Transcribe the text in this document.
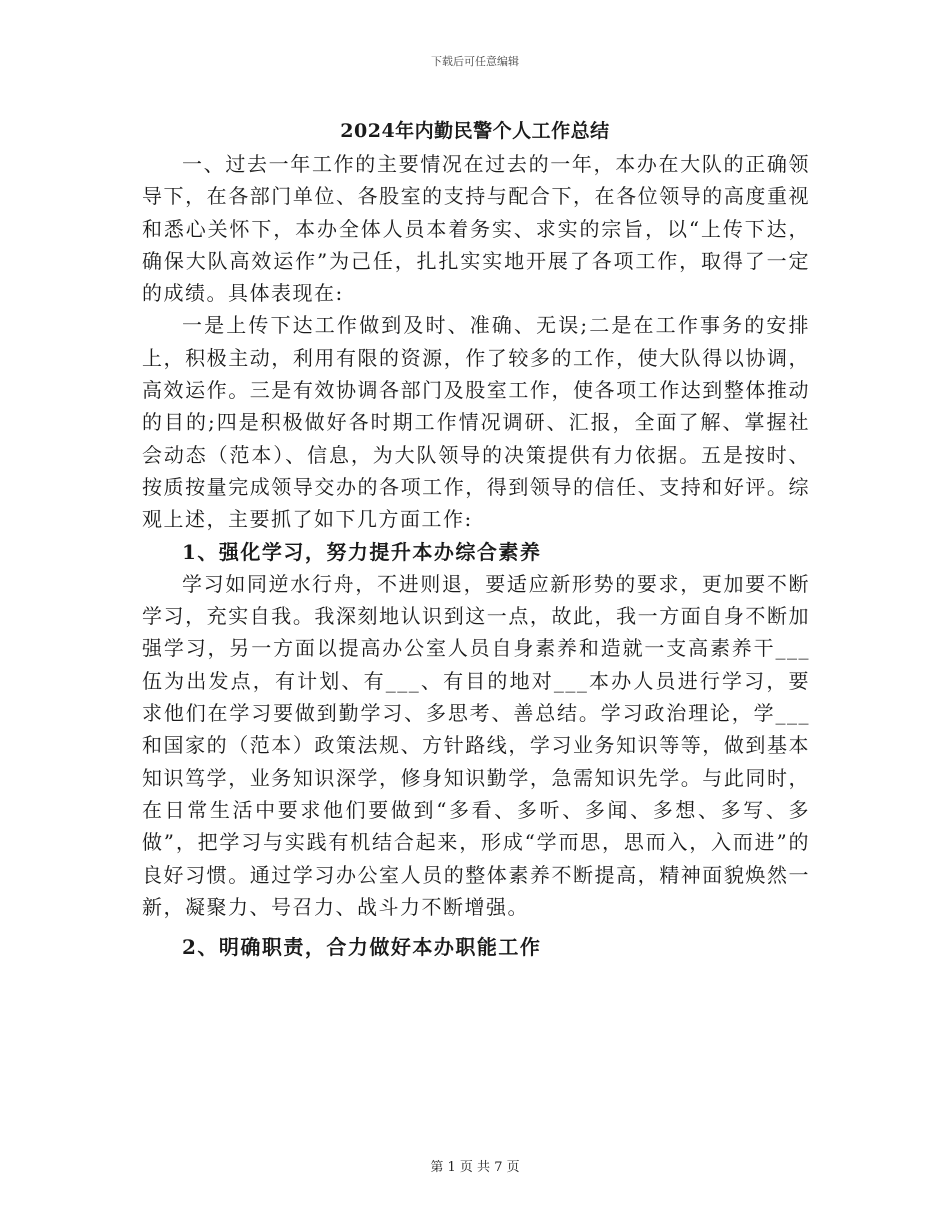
下载后可任意编辑
2024年内勤民警个人工作总结

一、过去一年工作的主要情况在过去的一年，本办在大队的正确领导下，在各部门单位、各股室的支持与配合下，在各位领导的高度重视和悉心关怀下，本办全体人员本着务实、求实的宗旨，以“上传下达，确保大队高效运作”为己任，扎扎实实地开展了各项工作，取得了一定的成绩。具体表现在:

一是上传下达工作做到及时、准确、无误;二是在工作事务的安排上，积极主动，利用有限的资源，作了较多的工作，使大队得以协调，高效运作。三是有效协调各部门及股室工作，使各项工作达到整体推动的目的;四是积极做好各时期工作情况调研、汇报，全面了解、掌握社会动态（范本）、信息，为大队领导的决策提供有力依据。五是按时、按质按量完成领导交办的各项工作，得到领导的信任、支持和好评。综观上述，主要抓了如下几方面工作:

1、强化学习，努力提升本办综合素养

学习如同逆水行舟，不进则退，要适应新形势的要求，更加要不断学习，充实自我。我深刻地认识到这一点，故此，我一方面自身不断加强学习，另一方面以提高办公室人员自身素养和造就一支高素养干___伍为出发点，有计划、有___、有目的地对___本办人员进行学习，要求他们在学习要做到勤学习、多思考、善总结。学习政治理论，学___和国家的（范本）政策法规、方针路线，学习业务知识等等，做到基本知识笃学，业务知识深学，修身知识勤学，急需知识先学。与此同时，在日常生活中要求他们要做到“多看、多听、多闻、多想、多写、多做”，把学习与实践有机结合起来，形成“学而思，思而入，入而进”的良好习惯。通过学习办公室人员的整体素养不断提高，精神面貌焕然一新，凝聚力、号召力、战斗力不断增强。

2、明确职责，合力做好本办职能工作
第 1 页 共 7 页
